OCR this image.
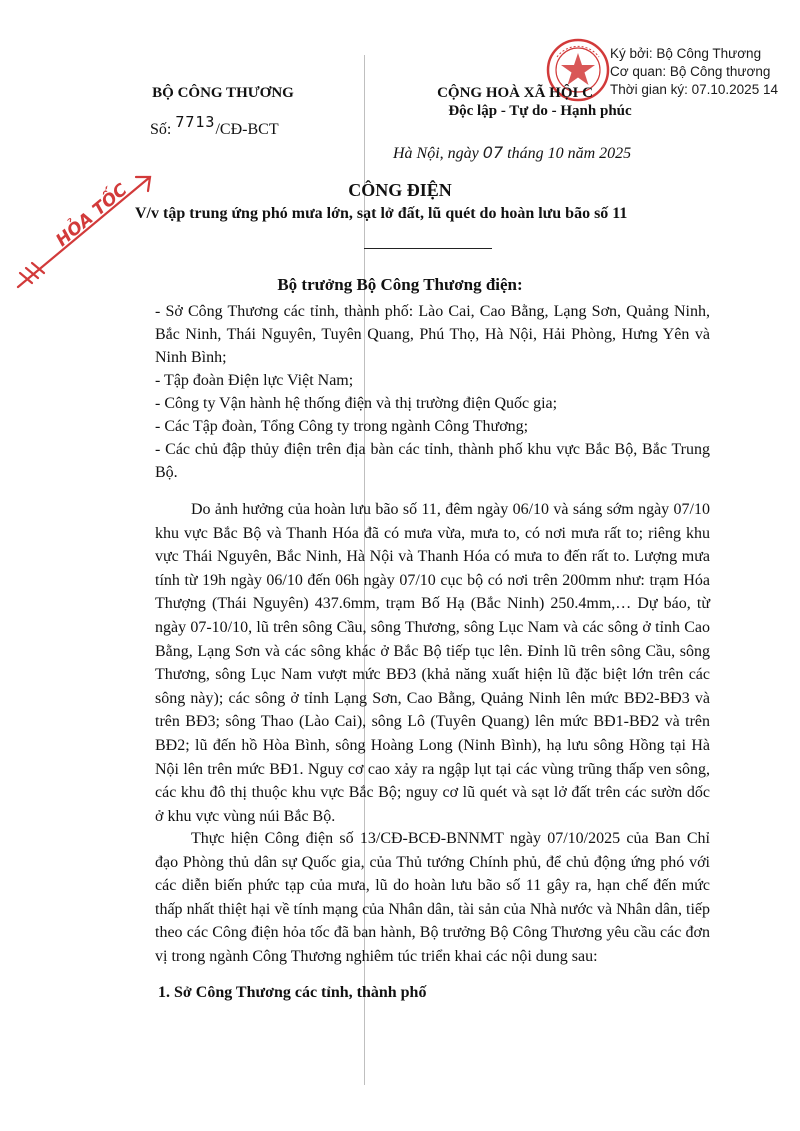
Ký bởi: Bộ Công Thương
Cơ quan: Bộ Công thương
Thời gian ký: 07.10.2025 14
HỎA TỐC
BỘ CÔNG THƯƠNG	CỘNG HOÀ XÃ HỘI C
Độc lập - Tự do - Hạnh phúc
Số: 7713/CĐ-BCT
Hà Nội, ngày 07 tháng 10 năm 2025
CÔNG ĐIỆN
V/v tập trung ứng phó mưa lớn, sạt lở đất, lũ quét do hoàn lưu bão số 11
Bộ trưởng Bộ Công Thương điện:
- Sở Công Thương các tỉnh, thành phố: Lào Cai, Cao Bằng, Lạng Sơn, Quảng Ninh, Bắc Ninh, Thái Nguyên, Tuyên Quang, Phú Thọ, Hà Nội, Hải Phòng, Hưng Yên và Ninh Bình;
- Tập đoàn Điện lực Việt Nam;
- Công ty Vận hành hệ thống điện và thị trường điện Quốc gia;
- Các Tập đoàn, Tổng Công ty trong ngành Công Thương;
- Các chủ đập thủy điện trên địa bàn các tỉnh, thành phố khu vực Bắc Bộ, Bắc Trung Bộ.
Do ảnh hưởng của hoàn lưu bão số 11, đêm ngày 06/10 và sáng sớm ngày 07/10 khu vực Bắc Bộ và Thanh Hóa đã có mưa vừa, mưa to, có nơi mưa rất to; riêng khu vực Thái Nguyên, Bắc Ninh, Hà Nội và Thanh Hóa có mưa to đến rất to. Lượng mưa tính từ 19h ngày 06/10 đến 06h ngày 07/10 cục bộ có nơi trên 200mm như: trạm Hóa Thượng (Thái Nguyên) 437.6mm, trạm Bố Hạ (Bắc Ninh) 250.4mm,… Dự báo, từ ngày 07-10/10, lũ trên sông Cầu, sông Thương, sông Lục Nam và các sông ở tỉnh Cao Bằng, Lạng Sơn và các sông khác ở Bắc Bộ tiếp tục lên. Đỉnh lũ trên sông Cầu, sông Thương, sông Lục Nam vượt mức BĐ3 (khả năng xuất hiện lũ đặc biệt lớn trên các sông này); các sông ở tỉnh Lạng Sơn, Cao Bằng, Quảng Ninh lên mức BĐ2-BĐ3 và trên BĐ3; sông Thao (Lào Cai), sông Lô (Tuyên Quang) lên mức BĐ1-BĐ2 và trên BĐ2; lũ đến hồ Hòa Bình, sông Hoàng Long (Ninh Bình), hạ lưu sông Hồng tại Hà Nội lên trên mức BĐ1. Nguy cơ cao xảy ra ngập lụt tại các vùng trũng thấp ven sông, các khu đô thị thuộc khu vực Bắc Bộ; nguy cơ lũ quét và sạt lở đất trên các sườn dốc ở khu vực vùng núi Bắc Bộ.
Thực hiện Công điện số 13/CĐ-BCĐ-BNNMT ngày 07/10/2025 của Ban Chỉ đạo Phòng thủ dân sự Quốc gia, của Thủ tướng Chính phủ, để chủ động ứng phó với các diễn biến phức tạp của mưa, lũ do hoàn lưu bão số 11 gây ra, hạn chế đến mức thấp nhất thiệt hại về tính mạng của Nhân dân, tài sản của Nhà nước và Nhân dân, tiếp theo các Công điện hỏa tốc đã ban hành, Bộ trưởng Bộ Công Thương yêu cầu các đơn vị trong ngành Công Thương nghiêm túc triển khai các nội dung sau:
1. Sở Công Thương các tỉnh, thành phố
